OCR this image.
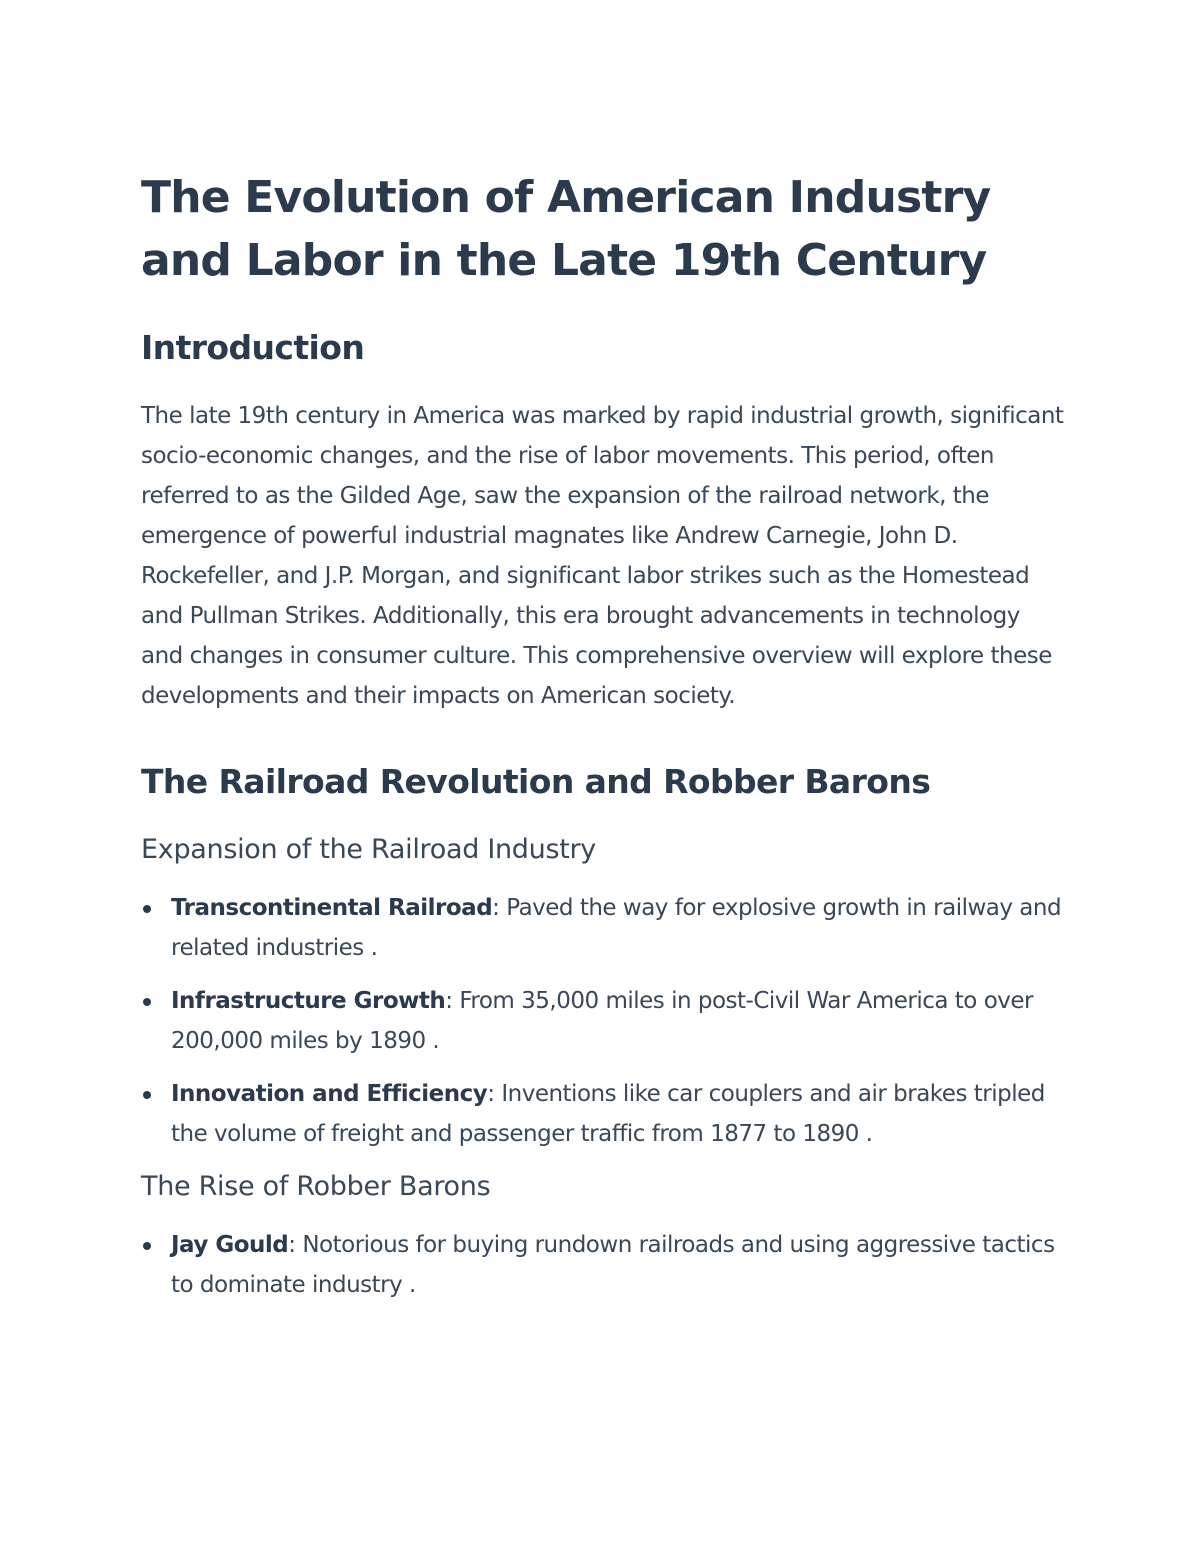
The Evolution of American Industry and Labor in the Late 19th Century
Introduction

The late 19th century in America was marked by rapid industrial growth, significant socio-economic changes, and the rise of labor movements. This period, often referred to as the Gilded Age, saw the expansion of the railroad network, the emergence of powerful industrial magnates like Andrew Carnegie, John D. Rockefeller, and J.P. Morgan, and significant labor strikes such as the Homestead and Pullman Strikes. Additionally, this era brought advancements in technology and changes in consumer culture. This comprehensive overview will explore these developments and their impacts on American society.

The Railroad Revolution and Robber Barons
Expansion of the Railroad Industry
Transcontinental Railroad: Paved the way for explosive growth in railway and related industries .
Infrastructure Growth: From 35,000 miles in post-Civil War America to over 200,000 miles by 1890 .
Innovation and Efficiency: Inventions like car couplers and air brakes tripled the volume of freight and passenger traffic from 1877 to 1890 .
The Rise of Robber Barons
Jay Gould: Notorious for buying rundown railroads and using aggressive tactics to dominate industry .
